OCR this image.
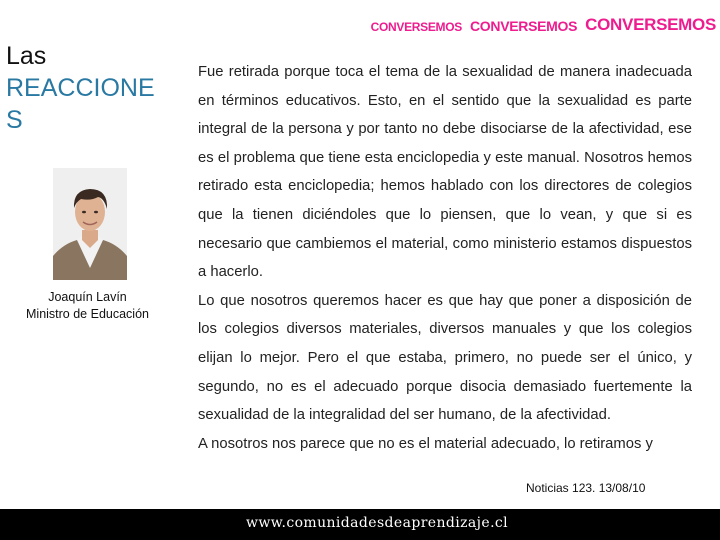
CONVERSEMOS CONVERSEMOS CONVERSEMOS
Las
REACCIONES
Joaquín Lavín
Ministro de Educación

Fue retirada porque toca el tema de la sexualidad de manera inadecuada en términos educativos. Esto, en el sentido que la sexualidad es parte integral de la persona y por tanto no debe disociarse de la afectividad, ese es el problema que tiene esta enciclopedia y este manual. Nosotros hemos retirado esta enciclopedia; hemos hablado con los directores de colegios que la tienen diciéndoles que lo piensen, que lo vean, y que si es necesario que cambiemos el material, como ministerio estamos dispuestos a hacerlo.

Lo que nosotros queremos hacer es que hay que poner a disposición de los colegios diversos materiales, diversos manuales y que los colegios elijan lo mejor. Pero el que estaba, primero, no puede ser el único, y segundo, no es el adecuado porque disocia demasiado fuertemente la sexualidad de la integralidad del ser humano, de la afectividad.

A nosotros nos parece que no es el material adecuado, lo retiramos y

Noticias 123. 13/08/10
www.comunidadesdeaprendizaje.cl
